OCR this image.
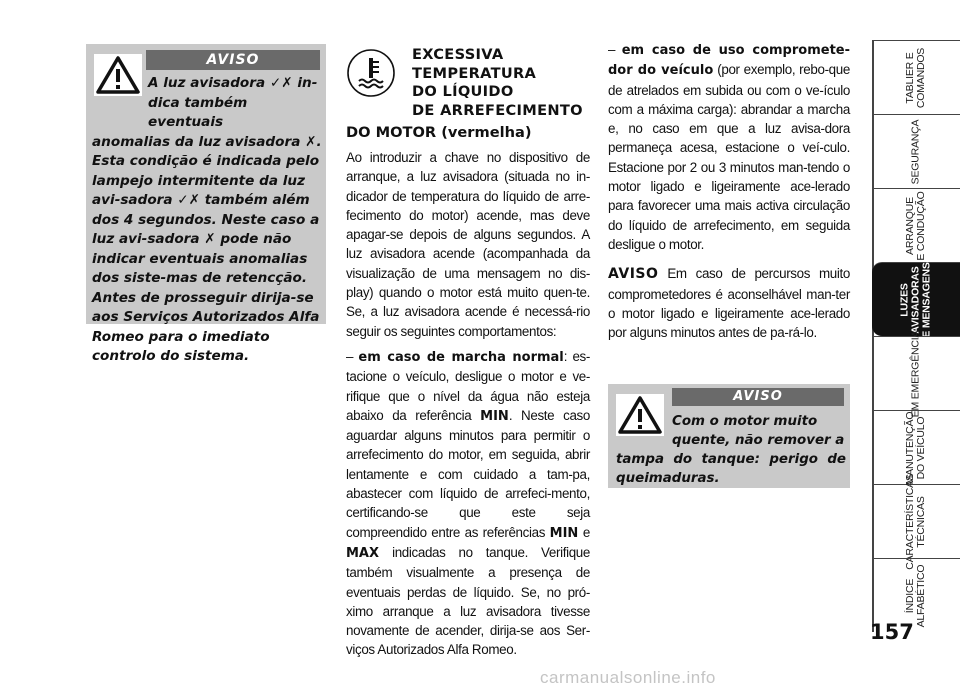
AVISO
A luz avisadora ✓✗ in-
dica também eventuais
anomalias da luz avisadora ✗. Esta condição é indicada pelo lampejo intermitente da luz avi-sadora ✓✗ também além dos 4 segundos. Neste caso a luz avi-sadora ✗ pode não indicar eventuais anomalias dos siste-mas de retencção. Antes de prosseguir dirija-se aos Serviços Autorizados Alfa Romeo para o imediato controlo do sistema.
EXCESSIVA
TEMPERATURA
DO LÍQUIDO
DE ARREFECIMENTO
DO MOTOR (vermelha)

Ao introduzir a chave no dispositivo de arranque, a luz avisadora (situada no in-dicador de temperatura do líquido de arre-fecimento do motor) acende, mas deve apagar-se depois de alguns segundos. A luz avisadora acende (acompanhada da visualização de uma mensagem no dis-play) quando o motor está muito quen-te. Se, a luz avisadora acende é necessá-rio seguir os seguintes comportamentos:

– em caso de marcha normal: es-tacione o veículo, desligue o motor e ve-rifique que o nível da água não esteja abaixo da referência MIN. Neste caso aguardar alguns minutos para permitir o arrefecimento do motor, em seguida, abrir lentamente e com cuidado a tam-pa, abastecer com líquido de arrefeci-mento, certificando-se que este seja compreendido entre as referências MIN e MAX indicadas no tanque. Verifique também visualmente a presença de eventuais perdas de líquido. Se, no pró-ximo arranque a luz avisadora tivesse novamente de acender, dirija-se aos Ser-viços Autorizados Alfa Romeo.

– em caso de uso compromete-dor do veículo (por exemplo, rebo-que de atrelados em subida ou com o ve-ículo com a máxima carga): abrandar a marcha e, no caso em que a luz avisa-dora permaneça acesa, estacione o veí-culo. Estacione por 2 ou 3 minutos man-tendo o motor ligado e ligeiramente ace-lerado para favorecer uma mais activa circulação do líquido de arrefecimento, em seguida desligue o motor.

AVISO Em caso de percursos muito comprometedores é aconselhável man-ter o motor ligado e ligeiramente ace-lerado por alguns minutos antes de pa-rá-lo.

AVISO
Com o motor muito
quente, não remover a
tampa do tanque: perigo de queimaduras.
TABLIER E
COMANDOS
SEGURANÇA
ARRANQUE
E CONDUÇÃO
LUZES
AVISADORAS
E MENSAGENS
EM EMERGÊNCIA
MANUTENÇÃO
DO VEÍCULO
CARACTERÍSTICAS
TÉCNICAS
ÍNDICE
ALFABÉTICO
157
carmanualsonline.info
